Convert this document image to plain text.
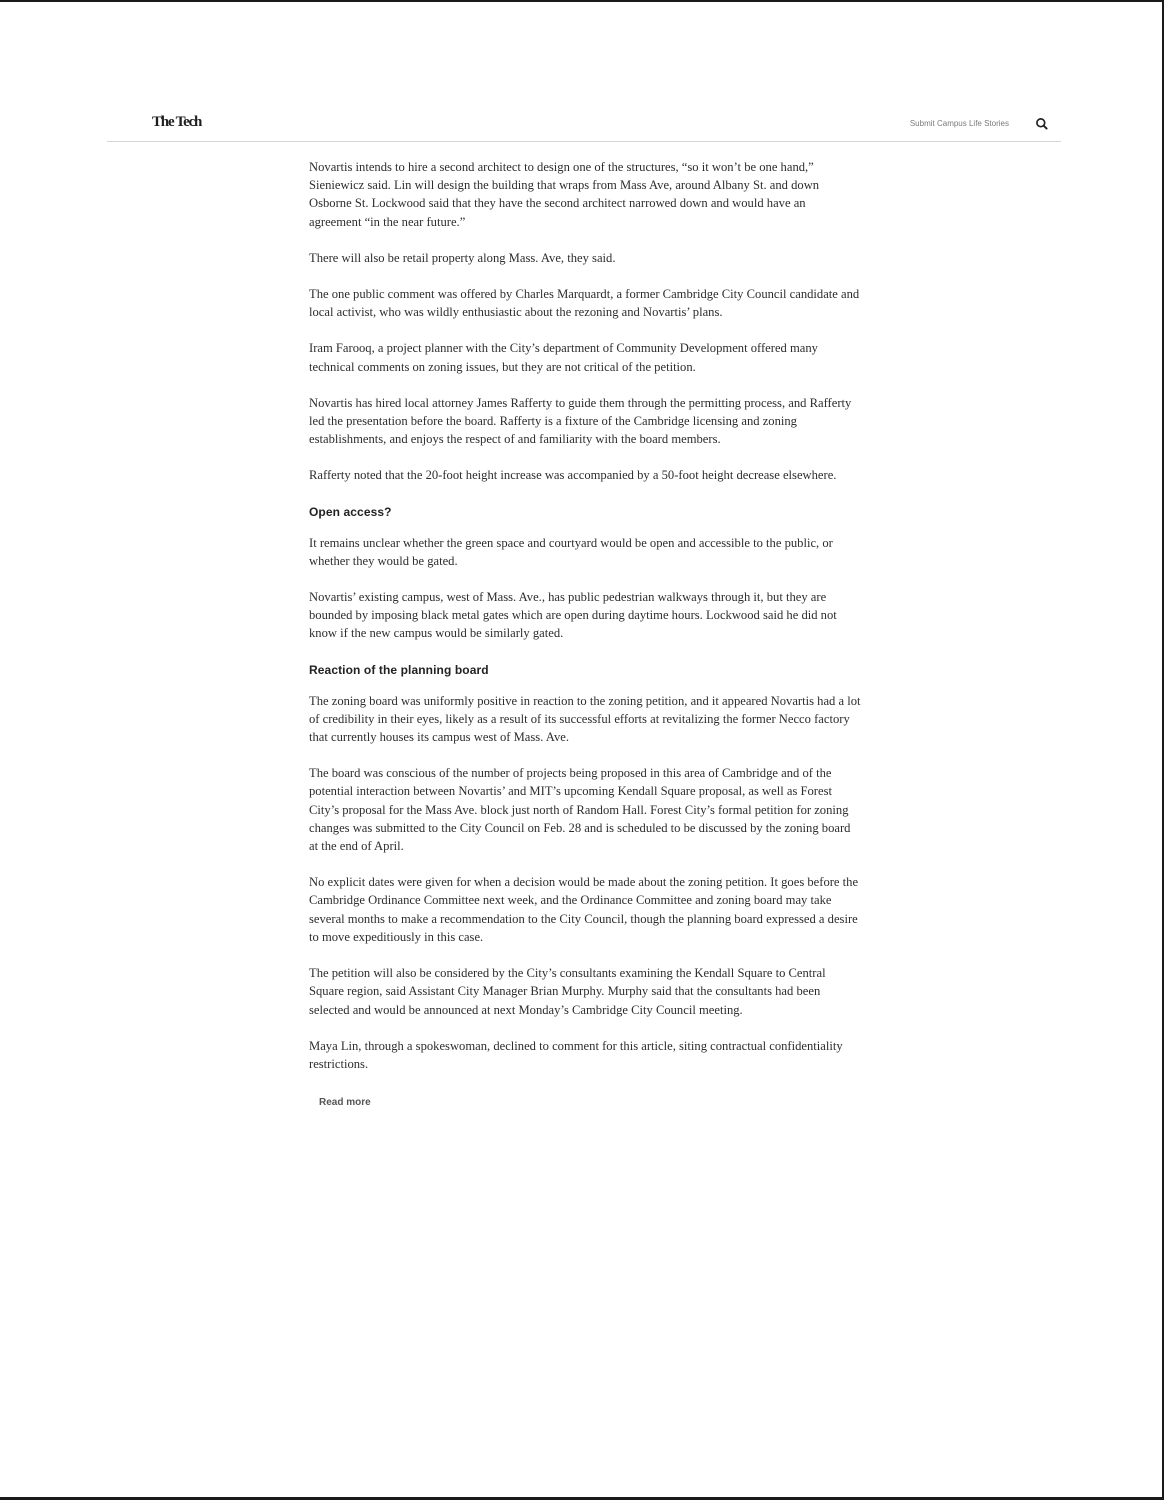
The Tech	Submit Campus Life Stories

Novartis intends to hire a second architect to design one of the structures, “so it won’t be one hand,” Sieniewicz said. Lin will design the building that wraps from Mass Ave, around Albany St. and down Osborne St. Lockwood said that they have the second architect narrowed down and would have an agreement “in the near future.”

There will also be retail property along Mass. Ave, they said.

The one public comment was offered by Charles Marquardt, a former Cambridge City Council candidate and local activist, who was wildly enthusiastic about the rezoning and Novartis’ plans.

Iram Farooq, a project planner with the City’s department of Community Development offered many technical comments on zoning issues, but they are not critical of the petition.

Novartis has hired local attorney James Rafferty to guide them through the permitting process, and Rafferty led the presentation before the board. Rafferty is a fixture of the Cambridge licensing and zoning establishments, and enjoys the respect of and familiarity with the board members.

Rafferty noted that the 20-foot height increase was accompanied by a 50-foot height decrease elsewhere.

Open access?

It remains unclear whether the green space and courtyard would be open and accessible to the public, or whether they would be gated.

Novartis’ existing campus, west of Mass. Ave., has public pedestrian walkways through it, but they are bounded by imposing black metal gates which are open during daytime hours. Lockwood said he did not know if the new campus would be similarly gated.

Reaction of the planning board

The zoning board was uniformly positive in reaction to the zoning petition, and it appeared Novartis had a lot of credibility in their eyes, likely as a result of its successful efforts at revitalizing the former Necco factory that currently houses its campus west of Mass. Ave.

The board was conscious of the number of projects being proposed in this area of Cambridge and of the potential interaction between Novartis’ and MIT’s upcoming Kendall Square proposal, as well as Forest City’s proposal for the Mass Ave. block just north of Random Hall. Forest City’s formal petition for zoning changes was submitted to the City Council on Feb. 28 and is scheduled to be discussed by the zoning board at the end of April.

No explicit dates were given for when a decision would be made about the zoning petition. It goes before the Cambridge Ordinance Committee next week, and the Ordinance Committee and zoning board may take several months to make a recommendation to the City Council, though the planning board expressed a desire to move expeditiously in this case.

The petition will also be considered by the City’s consultants examining the Kendall Square to Central Square region, said Assistant City Manager Brian Murphy. Murphy said that the consultants had been selected and would be announced at next Monday’s Cambridge City Council meeting.

Maya Lin, through a spokeswoman, declined to comment for this article, siting contractual confidentiality restrictions.

Read more
